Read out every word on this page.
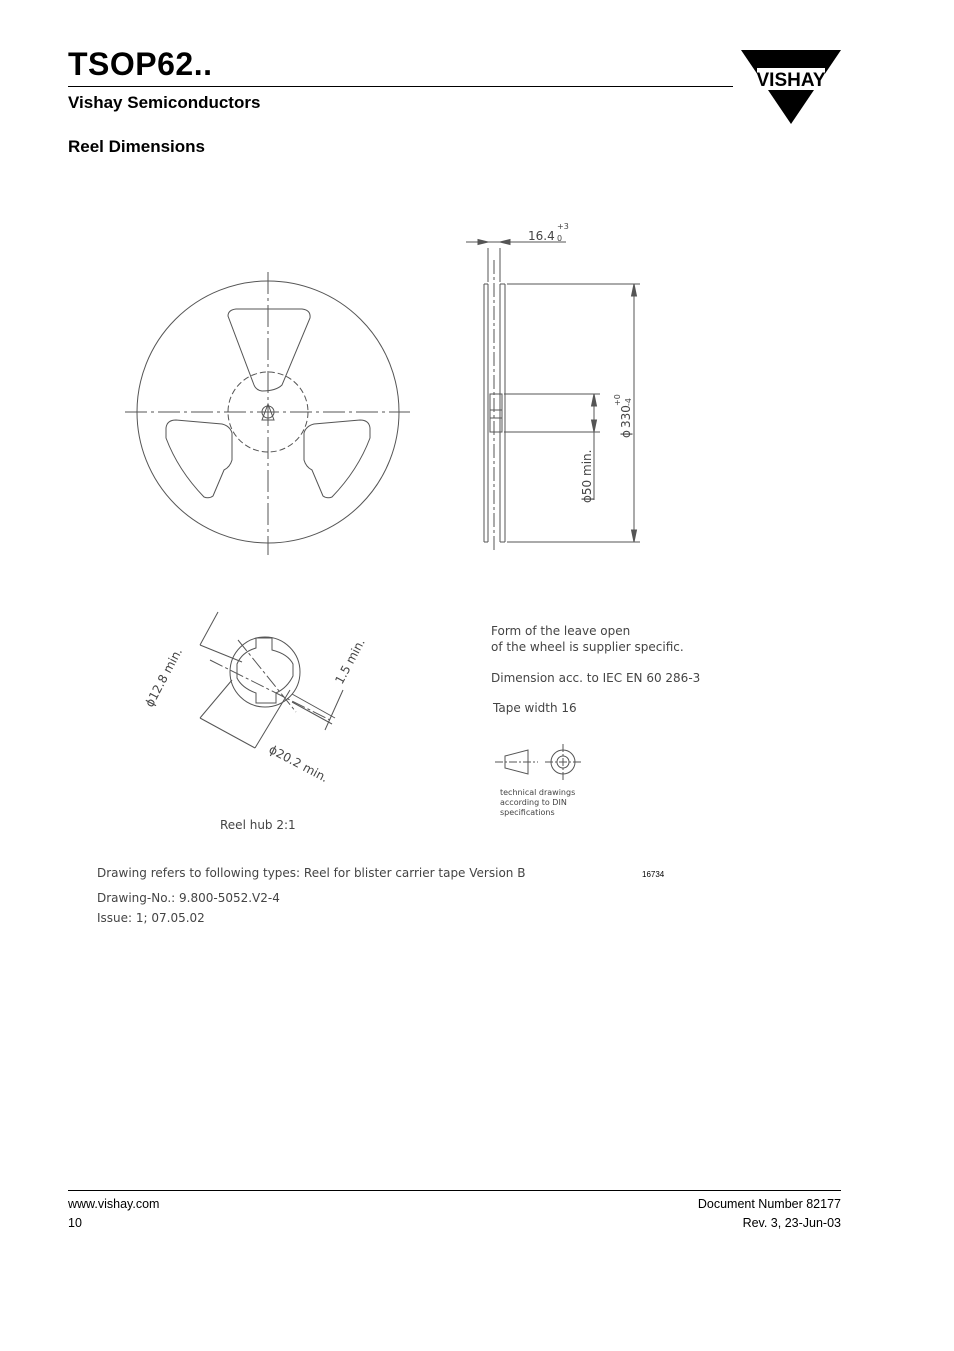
TSOP62..
Vishay Semiconductors
Reel Dimensions
VISHAY
16.4
+3
0
ϕ
330
+0 -4
ϕ50 min.
ϕ12.8 min.	1.5 min.
ϕ20.2 min.
Reel hub 2:1
Form of the leave open
of the wheel is supplier specific.
Dimension acc. to IEC EN 60 286-3
Tape width 16
technical drawings
according to DIN
specifications
Drawing refers to following types: Reel for blister carrier tape Version B	16734
Drawing-No.: 9.800-5052.V2-4
Issue: 1; 07.05.02
www.vishay.com
10
Document Number 82177
Rev. 3, 23-Jun-03
